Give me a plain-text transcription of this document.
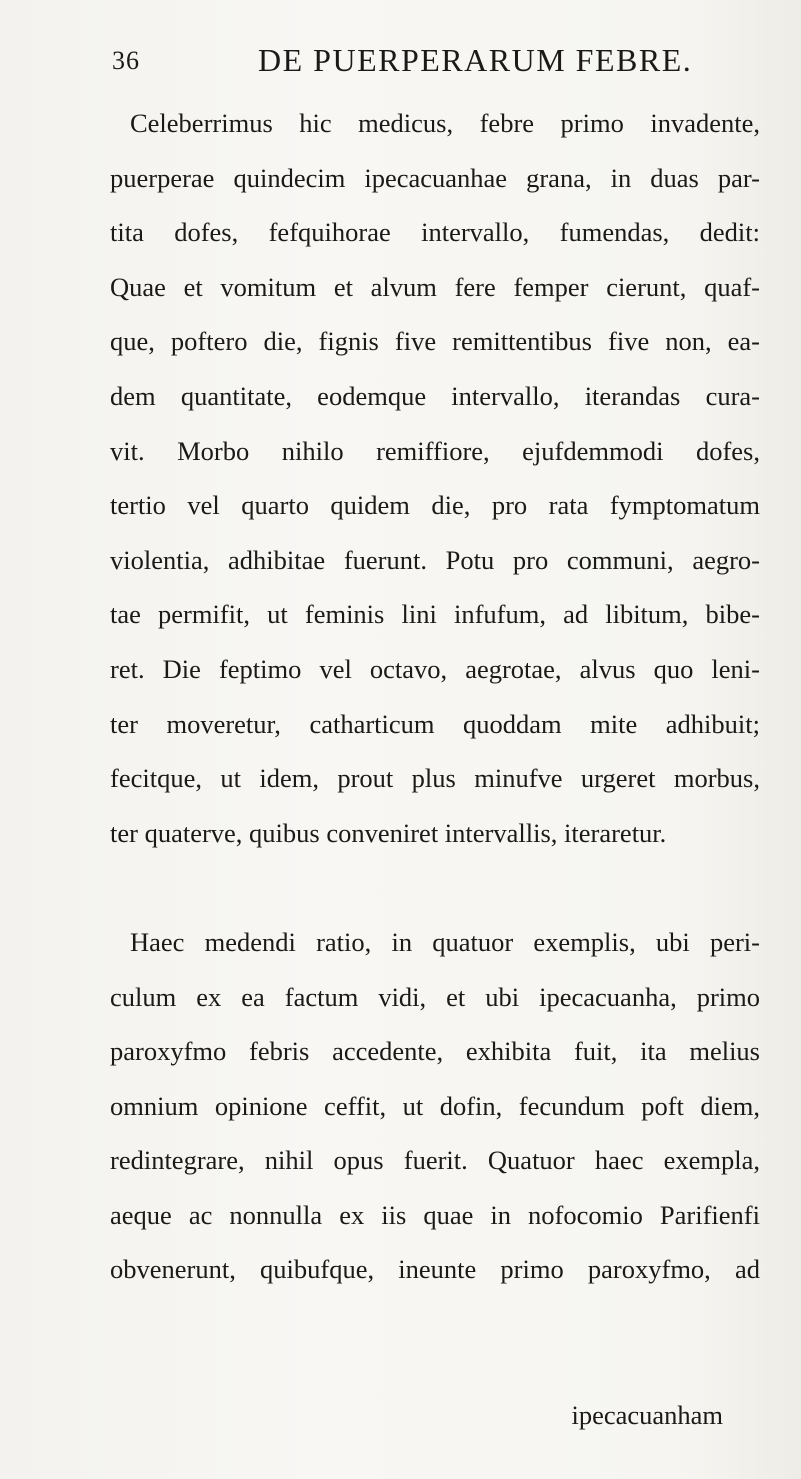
36	DE PUERPERARUM FEBRE.
Celeberrimus hic medicus, febre primo invadente,
puerperae quindecim ipecacuanhae grana, in duas par-
tita dofes, fefquihorae intervallo, fumendas, dedit:
Quae et vomitum et alvum fere femper cierunt, quaf-
que, poftero die, fignis five remittentibus five non, ea-
dem quantitate, eodemque intervallo, iterandas cura-
vit. Morbo nihilo remiffiore, ejufdemmodi dofes,
tertio vel quarto quidem die, pro rata fymptomatum
violentia, adhibitae fuerunt. Potu pro communi, aegro-
tae permifit, ut feminis lini infufum, ad libitum, bibe-
ret. Die feptimo vel octavo, aegrotae, alvus quo leni-
ter moveretur, catharticum quoddam mite adhibuit;
fecitque, ut idem, prout plus minufve urgeret morbus,
ter quaterve, quibus conveniret intervallis, iteraretur.
Haec medendi ratio, in quatuor exemplis, ubi peri-
culum ex ea factum vidi, et ubi ipecacuanha, primo
paroxyfmo febris accedente, exhibita fuit, ita melius
omnium opinione ceffit, ut dofin, fecundum poft diem,
redintegrare, nihil opus fuerit. Quatuor haec exempla,
aeque ac nonnulla ex iis quae in nofocomio Parifienfi
obvenerunt, quibufque, ineunte primo paroxyfmo, ad
ipecacuanham
